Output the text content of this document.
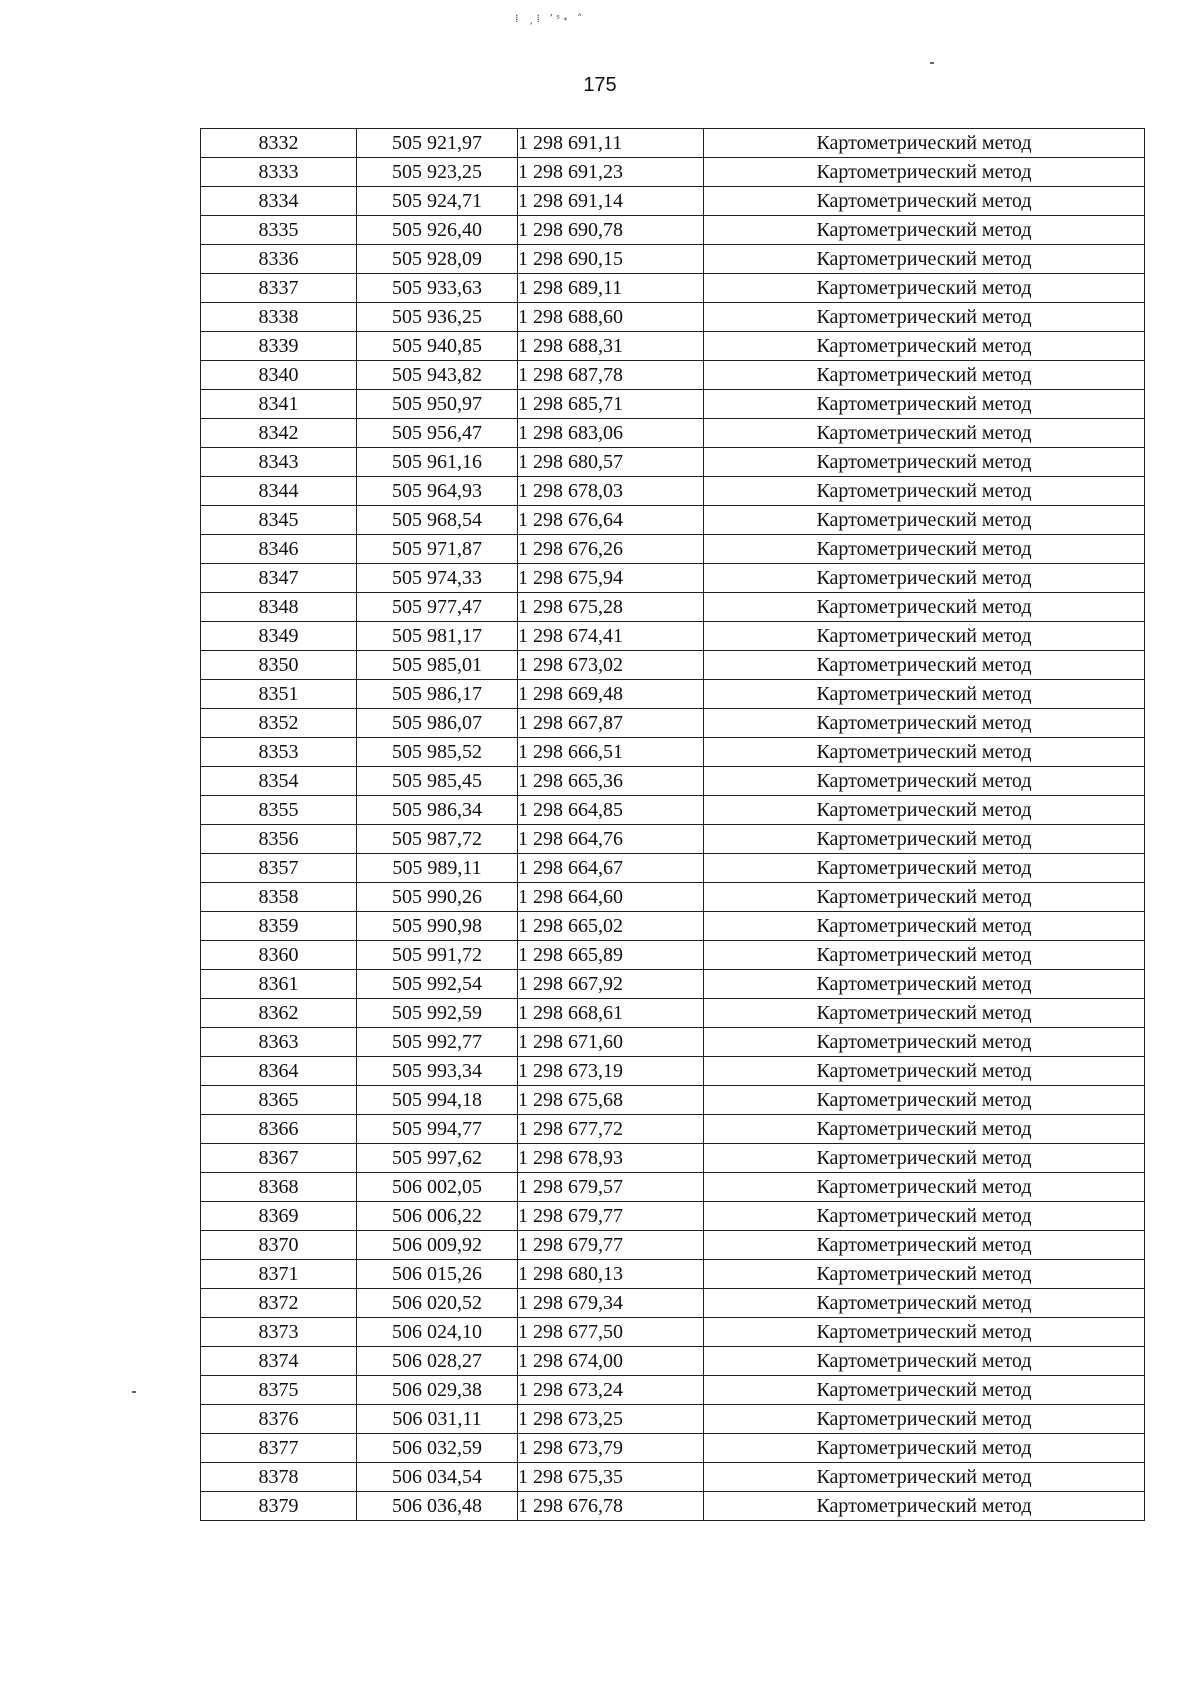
⁞ ˏ⁞ ʼˢ˖ ˄
175
8332	505 921,97	1 298 691,11	Картометрический метод
8333	505 923,25	1 298 691,23	Картометрический метод
8334	505 924,71	1 298 691,14	Картометрический метод
8335	505 926,40	1 298 690,78	Картометрический метод
8336	505 928,09	1 298 690,15	Картометрический метод
8337	505 933,63	1 298 689,11	Картометрический метод
8338	505 936,25	1 298 688,60	Картометрический метод
8339	505 940,85	1 298 688,31	Картометрический метод
8340	505 943,82	1 298 687,78	Картометрический метод
8341	505 950,97	1 298 685,71	Картометрический метод
8342	505 956,47	1 298 683,06	Картометрический метод
8343	505 961,16	1 298 680,57	Картометрический метод
8344	505 964,93	1 298 678,03	Картометрический метод
8345	505 968,54	1 298 676,64	Картометрический метод
8346	505 971,87	1 298 676,26	Картометрический метод
8347	505 974,33	1 298 675,94	Картометрический метод
8348	505 977,47	1 298 675,28	Картометрический метод
8349	505 981,17	1 298 674,41	Картометрический метод
8350	505 985,01	1 298 673,02	Картометрический метод
8351	505 986,17	1 298 669,48	Картометрический метод
8352	505 986,07	1 298 667,87	Картометрический метод
8353	505 985,52	1 298 666,51	Картометрический метод
8354	505 985,45	1 298 665,36	Картометрический метод
8355	505 986,34	1 298 664,85	Картометрический метод
8356	505 987,72	1 298 664,76	Картометрический метод
8357	505 989,11	1 298 664,67	Картометрический метод
8358	505 990,26	1 298 664,60	Картометрический метод
8359	505 990,98	1 298 665,02	Картометрический метод
8360	505 991,72	1 298 665,89	Картометрический метод
8361	505 992,54	1 298 667,92	Картометрический метод
8362	505 992,59	1 298 668,61	Картометрический метод
8363	505 992,77	1 298 671,60	Картометрический метод
8364	505 993,34	1 298 673,19	Картометрический метод
8365	505 994,18	1 298 675,68	Картометрический метод
8366	505 994,77	1 298 677,72	Картометрический метод
8367	505 997,62	1 298 678,93	Картометрический метод
8368	506 002,05	1 298 679,57	Картометрический метод
8369	506 006,22	1 298 679,77	Картометрический метод
8370	506 009,92	1 298 679,77	Картометрический метод
8371	506 015,26	1 298 680,13	Картометрический метод
8372	506 020,52	1 298 679,34	Картометрический метод
8373	506 024,10	1 298 677,50	Картометрический метод
8374	506 028,27	1 298 674,00	Картометрический метод
8375	506 029,38	1 298 673,24	Картометрический метод
8376	506 031,11	1 298 673,25	Картометрический метод
8377	506 032,59	1 298 673,79	Картометрический метод
8378	506 034,54	1 298 675,35	Картометрический метод
8379	506 036,48	1 298 676,78	Картометрический метод
